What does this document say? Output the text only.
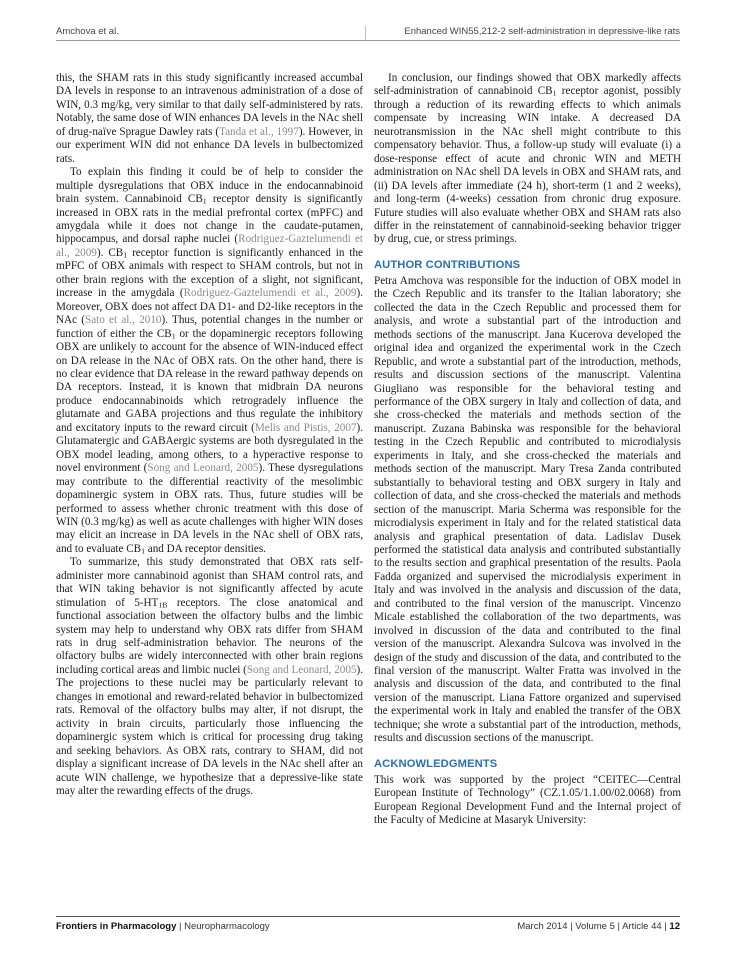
Amchova et al.	Enhanced WIN55,212-2 self-administration in depressive-like rats

this, the SHAM rats in this study significantly increased accumbal DA levels in response to an intravenous administration of a dose of WIN, 0.3 mg/kg, very similar to that daily self-administered by rats. Notably, the same dose of WIN enhances DA levels in the NAc shell of drug-naïve Sprague Dawley rats (Tanda et al., 1997). However, in our experiment WIN did not enhance DA levels in bulbectomized rats.

To explain this finding it could be of help to consider the multiple dysregulations that OBX induce in the endocannabinoid brain system. Cannabinoid $CB_1$ receptor density is significantly increased in OBX rats in the medial prefrontal cortex (mPFC) and amygdala while it does not change in the caudate-putamen, hippocampus, and dorsal raphe nuclei (Rodriguez-Gaztelumendi et al., 2009). $CB_1$ receptor function is significantly enhanced in the mPFC of OBX animals with respect to SHAM controls, but not in other brain regions with the exception of a slight, not significant, increase in the amygdala (Rodriguez-Gaztelumendi et al., 2009). Moreover, OBX does not affect DA D1- and D2-like receptors in the NAc (Sato et al., 2010). Thus, potential changes in the number or function of either the $CB_1$ or the dopaminergic receptors following OBX are unlikely to account for the absence of WIN-induced effect on DA release in the NAc of OBX rats. On the other hand, there is no clear evidence that DA release in the reward pathway depends on DA receptors. Instead, it is known that midbrain DA neurons produce endocannabinoids which retrogradely influence the glutamate and GABA projections and thus regulate the inhibitory and excitatory inputs to the reward circuit (Melis and Pistis, 2007). Glutamatergic and GABAergic systems are both dysregulated in the OBX model leading, among others, to a hyperactive response to novel environment (Song and Leonard, 2005). These dysregulations may contribute to the differential reactivity of the mesolimbic dopaminergic system in OBX rats. Thus, future studies will be performed to assess whether chronic treatment with this dose of WIN (0.3 mg/kg) as well as acute challenges with higher WIN doses may elicit an increase in DA levels in the NAc shell of OBX rats, and to evaluate $CB_1$ and DA receptor densities.

To summarize, this study demonstrated that OBX rats self-administer more cannabinoid agonist than SHAM control rats, and that WIN taking behavior is not significantly affected by acute stimulation of $5-HT_{1B}$ receptors. The close anatomical and functional association between the olfactory bulbs and the limbic system may help to understand why OBX rats differ from SHAM rats in drug self-administration behavior. The neurons of the olfactory bulbs are widely interconnected with other brain regions including cortical areas and limbic nuclei (Song and Leonard, 2005). The projections to these nuclei may be particularly relevant to changes in emotional and reward-related behavior in bulbectomized rats. Removal of the olfactory bulbs may alter, if not disrupt, the activity in brain circuits, particularly those influencing the dopaminergic system which is critical for processing drug taking and seeking behaviors. As OBX rats, contrary to SHAM, did not display a significant increase of DA levels in the NAc shell after an acute WIN challenge, we hypothesize that a depressive-like state may alter the rewarding effects of the drugs.

In conclusion, our findings showed that OBX markedly affects self-administration of cannabinoid $CB_1$ receptor agonist, possibly through a reduction of its rewarding effects to which animals compensate by increasing WIN intake. A decreased DA neurotransmission in the NAc shell might contribute to this compensatory behavior. Thus, a follow-up study will evaluate (i) a dose-response effect of acute and chronic WIN and METH administration on NAc shell DA levels in OBX and SHAM rats, and (ii) DA levels after immediate (24 h), short-term (1 and 2 weeks), and long-term (4-weeks) cessation from chronic drug exposure. Future studies will also evaluate whether OBX and SHAM rats also differ in the reinstatement of cannabinoid-seeking behavior trigger by drug, cue, or stress primings.

AUTHOR CONTRIBUTIONS

Petra Amchova was responsible for the induction of OBX model in the Czech Republic and its transfer to the Italian laboratory; she collected the data in the Czech Republic and processed them for analysis, and wrote a substantial part of the introduction and methods sections of the manuscript. Jana Kucerova developed the original idea and organized the experimental work in the Czech Republic, and wrote a substantial part of the introduction, methods, results and discussion sections of the manuscript. Valentina Giugliano was responsible for the behavioral testing and performance of the OBX surgery in Italy and collection of data, and she cross-checked the materials and methods section of the manuscript. Zuzana Babinska was responsible for the behavioral testing in the Czech Republic and contributed to microdialysis experiments in Italy, and she cross-checked the materials and methods section of the manuscript. Mary Tresa Zanda contributed substantially to behavioral testing and OBX surgery in Italy and collection of data, and she cross-checked the materials and methods section of the manuscript. Maria Scherma was responsible for the microdialysis experiment in Italy and for the related statistical data analysis and graphical presentation of data. Ladislav Dusek performed the statistical data analysis and contributed substantially to the results section and graphical presentation of the results. Paola Fadda organized and supervised the microdialysis experiment in Italy and was involved in the analysis and discussion of the data, and contributed to the final version of the manuscript. Vincenzo Micale established the collaboration of the two departments, was involved in discussion of the data and contributed to the final version of the manuscript. Alexandra Sulcova was involved in the design of the study and discussion of the data, and contributed to the final version of the manuscript. Walter Fratta was involved in the analysis and discussion of the data, and contributed to the final version of the manuscript. Liana Fattore organized and supervised the experimental work in Italy and enabled the transfer of the OBX technique; she wrote a substantial part of the introduction, methods, results and discussion sections of the manuscript.

ACKNOWLEDGMENTS

This work was supported by the project “CEITEC—Central European Institute of Technology” (CZ.1.05/1.1.00/02.0068) from European Regional Development Fund and the Internal project of the Faculty of Medicine at Masaryk University:

Frontiers in Pharmacology | Neuropharmacology	March 2014 | Volume 5 | Article 44 | 12
